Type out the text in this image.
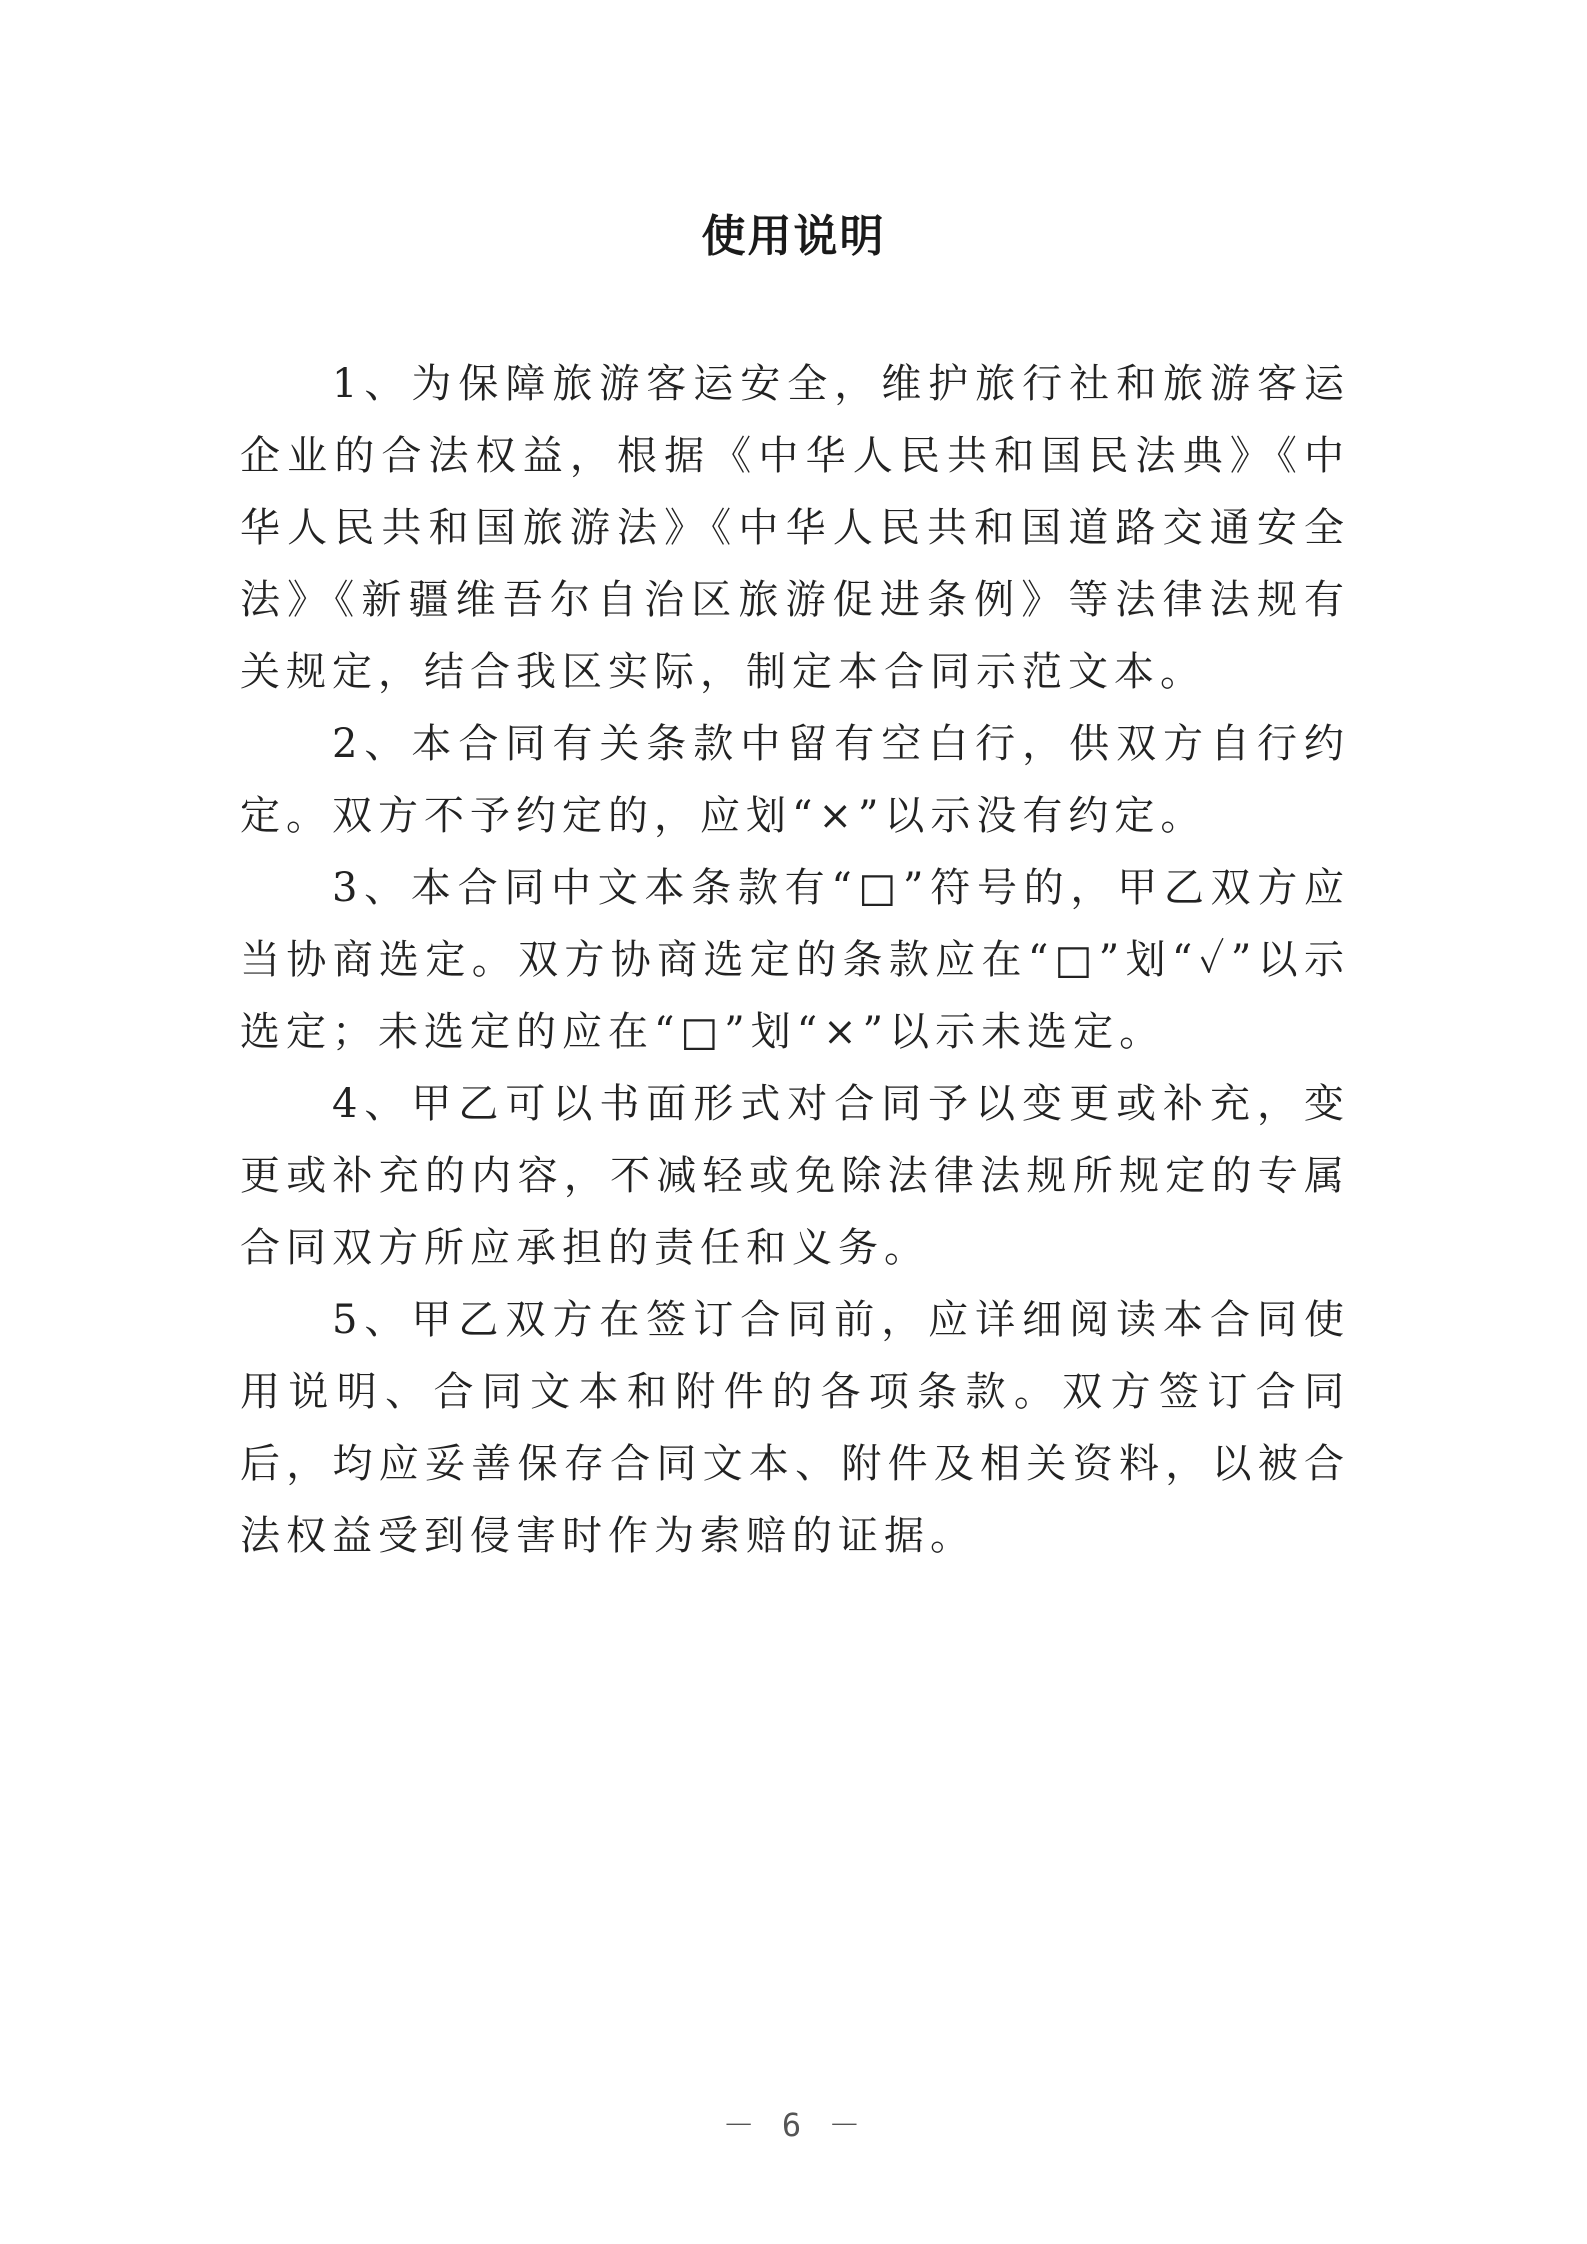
使用说明

1、为保障旅游客运安全，维护旅行社和旅游客运企业的合法权益，根据《中华人民共和国民法典》《中华人民共和国旅游法》《中华人民共和国道路交通安全法》《新疆维吾尔自治区旅游促进条例》等法律法规有关规定，结合我区实际，制定本合同示范文本。

2、本合同有关条款中留有空白行，供双方自行约定。双方不予约定的，应划“×”以示没有约定。

3、本合同中文本条款有“□”符号的，甲乙双方应当协商选定。双方协商选定的条款应在“□”划“✓”以示选定；未选定的应在“□”划“×”以示未选定。

4、甲乙可以书面形式对合同予以变更或补充，变更或补充的内容，不减轻或免除法律法规所规定的专属合同双方所应承担的责任和义务。

5、甲乙双方在签订合同前，应详细阅读本合同使用说明、合同文本和附件的各项条款。双方签订合同后，均应妥善保存合同文本、附件及相关资料，以被合法权益受到侵害时作为索赔的证据。

－ 6 －
